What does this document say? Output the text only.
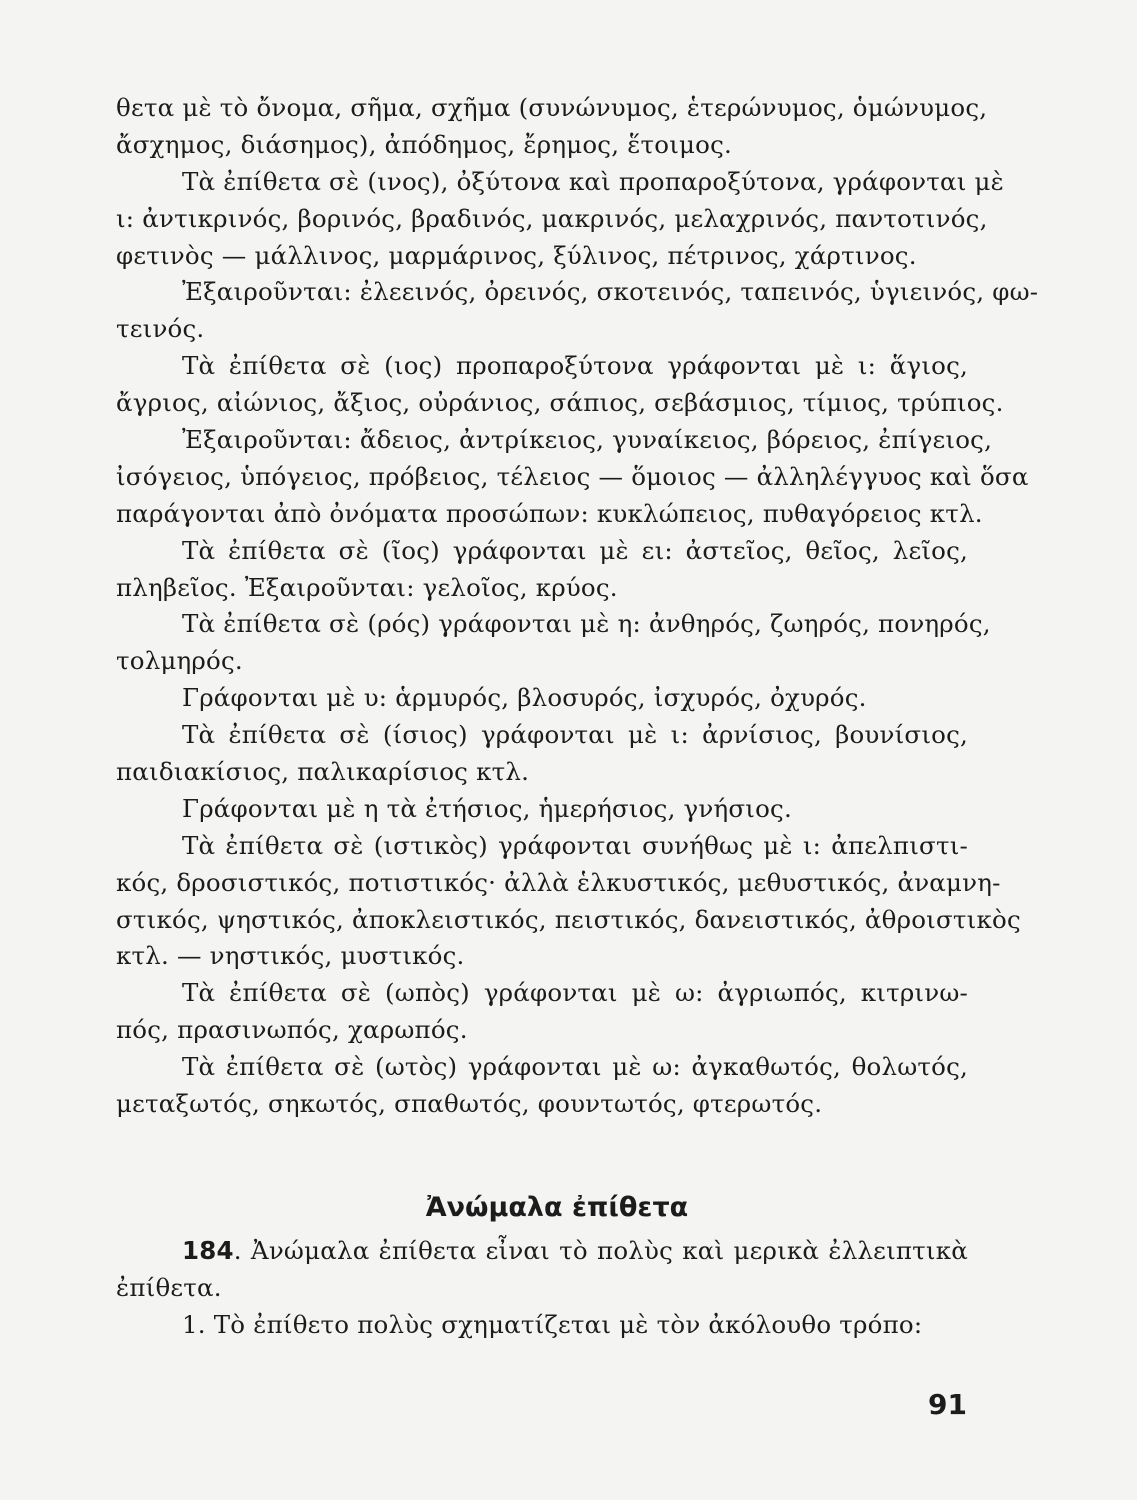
θετα μὲ τὸ ὄνομα, σῆμα, σχῆμα (συνώνυμος, ἑτερώνυμος, ὁμώνυμος,
ἄσχημος, διάσημος), ἀπόδημος, ἔρημος, ἕτοιμος.
Τὰ ἐπίθετα σὲ (ινος), ὀξύτονα καὶ προπαροξύτονα, γράφονται μὲ
ι: ἀντικρινός, βορινός, βραδινός, μακρινός, μελαχρινός, παντοτινός,
φετινὸς — μάλλινος, μαρμάρινος, ξύλινος, πέτρινος, χάρτινος.
Ἐξαιροῦνται: ἐλεεινός, ὀρεινός, σκοτεινός, ταπεινός, ὑγιεινός, φω-
τεινός.
Τὰ ἐπίθετα σὲ (ιος) προπαροξύτονα γράφονται μὲ ι: ἅγιος,
ἄγριος, αἰώνιος, ἄξιος, οὐράνιος, σάπιος, σεβάσμιος, τίμιος, τρύπιος.
Ἐξαιροῦνται: ἄδειος, ἀντρίκειος, γυναίκειος, βόρειος, ἐπίγειος,
ἰσόγειος, ὑπόγειος, πρόβειος, τέλειος — ὅμοιος — ἀλληλέγγυος καὶ ὅσα
παράγονται ἀπὸ ὀνόματα προσώπων: κυκλώπειος, πυθαγόρειος κτλ.
Τὰ ἐπίθετα σὲ (ῖος) γράφονται μὲ ει: ἀστεῖος, θεῖος, λεῖος,
πληβεῖος. Ἐξαιροῦνται: γελοῖος, κρύος.
Τὰ ἐπίθετα σὲ (ρός) γράφονται μὲ η: ἀνθηρός, ζωηρός, πονηρός,
τολμηρός.
Γράφονται μὲ υ: ἁρμυρός, βλοσυρός, ἰσχυρός, ὀχυρός.
Τὰ ἐπίθετα σὲ (ίσιος) γράφονται μὲ ι: ἀρνίσιος, βουνίσιος,
παιδιακίσιος, παλικαρίσιος κτλ.
Γράφονται μὲ η τὰ ἐτήσιος, ἡμερήσιος, γνήσιος.
Τὰ ἐπίθετα σὲ (ιστικὸς) γράφονται συνήθως μὲ ι: ἀπελπιστι-
κός, δροσιστικός, ποτιστικός· ἀλλὰ ἑλκυστικός, μεθυστικός, ἀναμνη-
στικός, ψηστικός, ἀποκλειστικός, πειστικός, δανειστικός, ἀθροιστικὸς
κτλ. — νηστικός, μυστικός.
Τὰ ἐπίθετα σὲ (ωπὸς) γράφονται μὲ ω: ἀγριωπός, κιτρινω-
πός, πρασινωπός, χαρωπός.
Τὰ ἐπίθετα σὲ (ωτὸς) γράφονται μὲ ω: ἀγκαθωτός, θολωτός,
μεταξωτός, σηκωτός, σπαθωτός, φουντωτός, φτερωτός.
Ἀνώμαλα ἐπίθετα
184. Ἀνώμαλα ἐπίθετα εἶναι τὸ πολὺς καὶ μερικὰ ἐλλειπτικὰ
ἐπίθετα.
1. Τὸ ἐπίθετο πολὺς σχηματίζεται μὲ τὸν ἀκόλουθο τρόπο:
91
